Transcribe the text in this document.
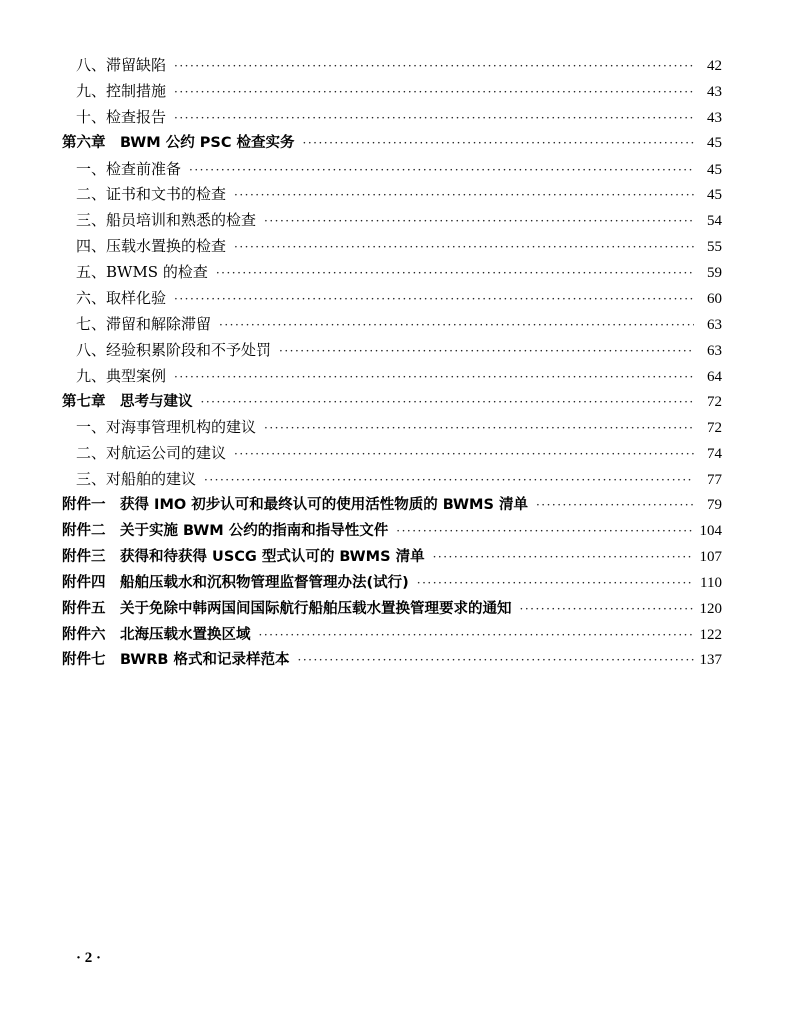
八、滞留缺陷 ·····	42
九、控制措施 ·····	43
十、检查报告 ·····	43
第六章　BWM 公约 PSC 检查实务 ·····	45
一、检查前准备 ·····	45
二、证书和文书的检查 ·····	45
三、船员培训和熟悉的检查 ·····	54
四、压载水置换的检查 ·····	55
五、BWMS 的检查 ·····	59
六、取样化验 ·····	60
七、滞留和解除滞留 ·····	63
八、经验积累阶段和不予处罚 ·····	63
九、典型案例 ·····	64
第七章　思考与建议 ·····	72
一、对海事管理机构的建议 ·····	72
二、对航运公司的建议 ·····	74
三、对船舶的建议 ·····	77
附件一　获得 IMO 初步认可和最终认可的使用活性物质的 BWMS 清单 ·····	79
附件二　关于实施 BWM 公约的指南和指导性文件 ·····	104
附件三　获得和待获得 USCG 型式认可的 BWMS 清单 ·····	107
附件四　船舶压载水和沉积物管理监督管理办法(试行) ·····	110
附件五　关于免除中韩两国间国际航行船舶压载水置换管理要求的通知 ·····	120
附件六　北海压载水置换区域 ·····	122
附件七　BWRB 格式和记录样范本 ·····	137
· 2 ·
